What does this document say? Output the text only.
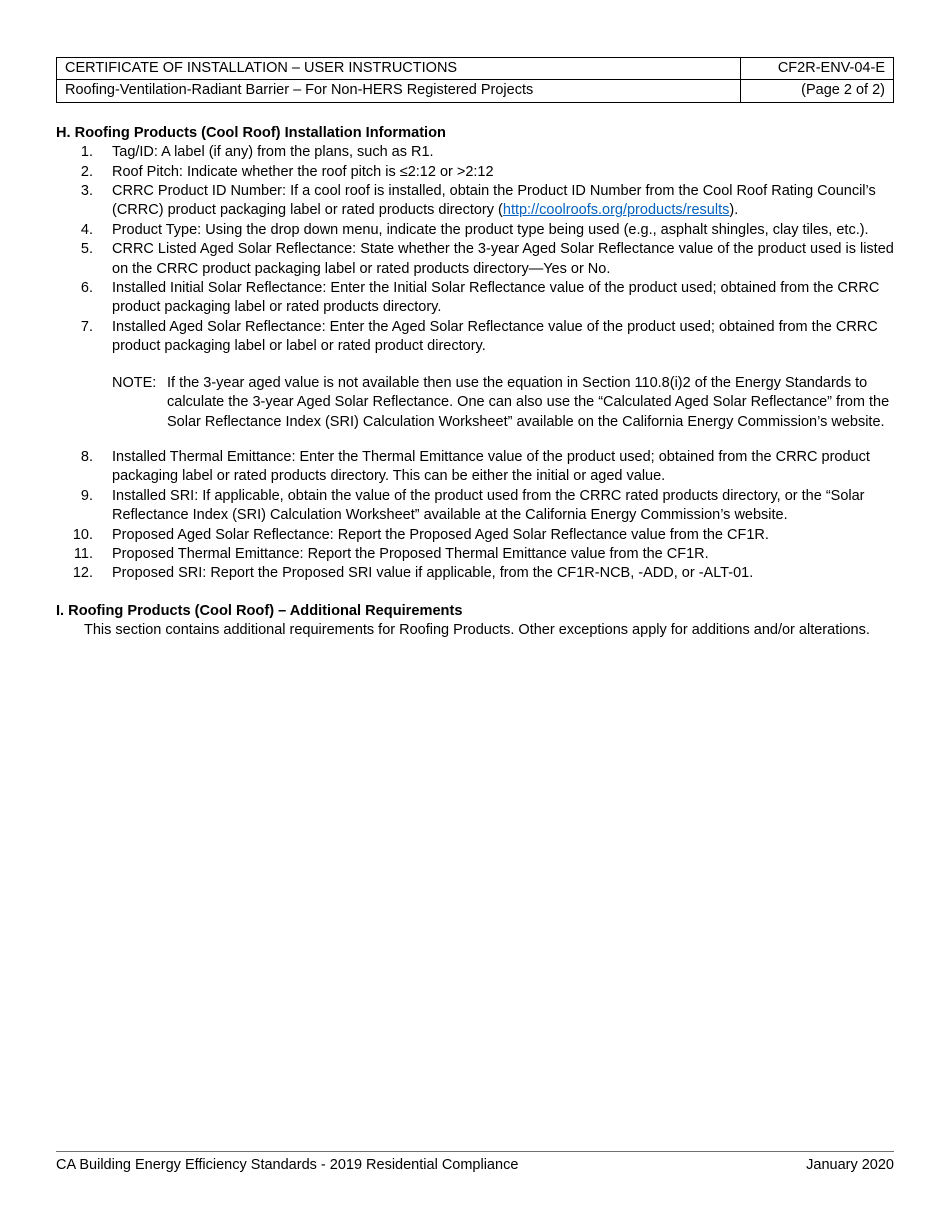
CERTIFICATE OF INSTALLATION – USER INSTRUCTIONS	CF2R-ENV-04-E
Roofing-Ventilation-Radiant Barrier – For Non-HERS Registered Projects	(Page 2 of 2)
H. Roofing Products (Cool Roof) Installation Information
1. Tag/ID: A label (if any) from the plans, such as R1.
2. Roof Pitch: Indicate whether the roof pitch is ≤2:12 or >2:12
3. CRRC Product ID Number: If a cool roof is installed, obtain the Product ID Number from the Cool Roof Rating Council’s (CRRC) product packaging label or rated products directory (http://coolroofs.org/products/results).
4. Product Type: Using the drop down menu, indicate the product type being used (e.g., asphalt shingles, clay tiles, etc.).
5. CRRC Listed Aged Solar Reflectance: State whether the 3-year Aged Solar Reflectance value of the product used is listed on the CRRC product packaging label or rated products directory—Yes or No.
6. Installed Initial Solar Reflectance: Enter the Initial Solar Reflectance value of the product used; obtained from the CRRC product packaging label or rated products directory.
7. Installed Aged Solar Reflectance: Enter the Aged Solar Reflectance value of the product used; obtained from the CRRC product packaging label or label or rated product directory.
NOTE: If the 3-year aged value is not available then use the equation in Section 110.8(i)2 of the Energy Standards to calculate the 3-year Aged Solar Reflectance. One can also use the “Calculated Aged Solar Reflectance” from the Solar Reflectance Index (SRI) Calculation Worksheet” available on the California Energy Commission’s website.
8. Installed Thermal Emittance: Enter the Thermal Emittance value of the product used; obtained from the CRRC product packaging label or rated products directory. This can be either the initial or aged value.
9. Installed SRI: If applicable, obtain the value of the product used from the CRRC rated products directory, or the “Solar Reflectance Index (SRI) Calculation Worksheet” available at the California Energy Commission’s website.
10. Proposed Aged Solar Reflectance: Report the Proposed Aged Solar Reflectance value from the CF1R.
11. Proposed Thermal Emittance: Report the Proposed Thermal Emittance value from the CF1R.
12. Proposed SRI: Report the Proposed SRI value if applicable, from the CF1R-NCB, -ADD, or -ALT-01.
I. Roofing Products (Cool Roof) – Additional Requirements

This section contains additional requirements for Roofing Products. Other exceptions apply for additions and/or alterations.

CA Building Energy Efficiency Standards - 2019 Residential Compliance	January 2020
